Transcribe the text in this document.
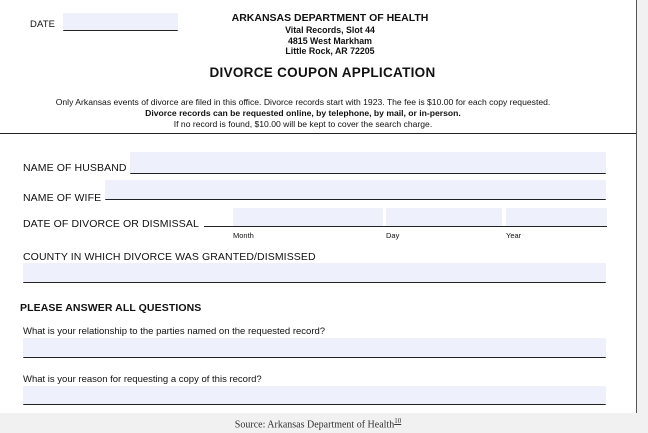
DATE
ARKANSAS DEPARTMENT OF HEALTH
Vital Records, Slot 44
4815 West Markham
Little Rock, AR 72205
DIVORCE COUPON APPLICATION
Only Arkansas events of divorce are filed in this office. Divorce records start with 1923. The fee is $10.00 for each copy requested.
Divorce records can be requested online, by telephone, by mail, or in-person.
If no record is found, $10.00 will be kept to cover the search charge.
NAME OF HUSBAND
NAME OF WIFE
DATE OF DIVORCE OR DISMISSAL
Month	Day	Year
COUNTY IN WHICH DIVORCE WAS GRANTED/DISMISSED
PLEASE ANSWER ALL QUESTIONS
What is your relationship to the parties named on the requested record?
What is your reason for requesting a copy of this record?
Source: Arkansas Department of Health$^{10}$
